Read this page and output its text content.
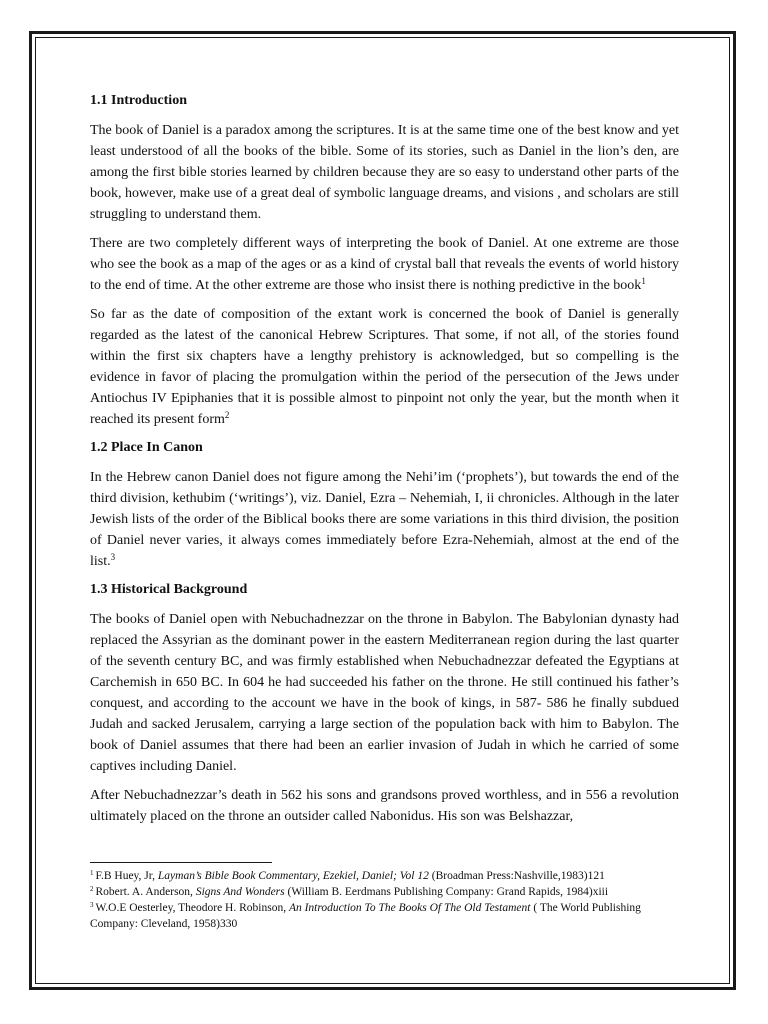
1.1 Introduction

The book of Daniel is a paradox among the scriptures. It is at the same time one of the best know and yet least understood of all the books of the bible. Some of its stories, such as Daniel in the lion’s den, are among the first bible stories learned by children because they are so easy to understand other parts of the book, however, make use of a great deal of symbolic language dreams, and visions , and scholars are still struggling to understand them.

There are two completely different ways of interpreting the book of Daniel. At one extreme are those who see the book as a map of the ages or as a kind of crystal ball that reveals the events of world history to the end of time. At the other extreme are those who insist there is nothing predictive in the book$^1$

So far as the date of composition of the extant work is concerned the book of Daniel is generally regarded as the latest of the canonical Hebrew Scriptures. That some, if not all, of the stories found within the first six chapters have a lengthy prehistory is acknowledged, but so compelling is the evidence in favor of placing the promulgation within the period of the persecution of the Jews under Antiochus IV Epiphanies that it is possible almost to pinpoint not only the year, but the month when it reached its present form$^2$

1.2 Place In Canon

In the Hebrew canon Daniel does not figure among the Nehi’im (‘prophets’), but towards the end of the third division, kethubim (‘writings’), viz. Daniel, Ezra – Nehemiah, I, ii chronicles. Although in the later Jewish lists of the order of the Biblical books there are some variations in this third division, the position of Daniel never varies, it always comes immediately before Ezra-Nehemiah, almost at the end of the list.$^3$

1.3 Historical Background

The books of Daniel open with Nebuchadnezzar on the throne in Babylon. The Babylonian dynasty had replaced the Assyrian as the dominant power in the eastern Mediterranean region during the last quarter of the seventh century BC, and was firmly established when Nebuchadnezzar defeated the Egyptians at Carchemish in 650 BC. In 604 he had succeeded his father on the throne. He still continued his father’s conquest, and according to the account we have in the book of kings, in 587- 586 he finally subdued Judah and sacked Jerusalem, carrying a large section of the population back with him to Babylon. The book of Daniel assumes that there had been an earlier invasion of Judah in which he carried of some captives including Daniel.

After Nebuchadnezzar’s death in 562 his sons and grandsons proved worthless, and in 556 a revolution ultimately placed on the throne an outsider called Nabonidus. His son was Belshazzar,

$^1$ F.B Huey, Jr, Layman’s Bible Book Commentary, Ezekiel, Daniel; Vol 12 (Broadman Press:Nashville,1983)121
$^2$ Robert. A. Anderson, Signs And Wonders (William B. Eerdmans Publishing Company: Grand Rapids, 1984)xiii
$^3$ W.O.E Oesterley, Theodore H. Robinson, An Introduction To The Books Of The Old Testament ( The World Publishing Company: Cleveland, 1958)330
